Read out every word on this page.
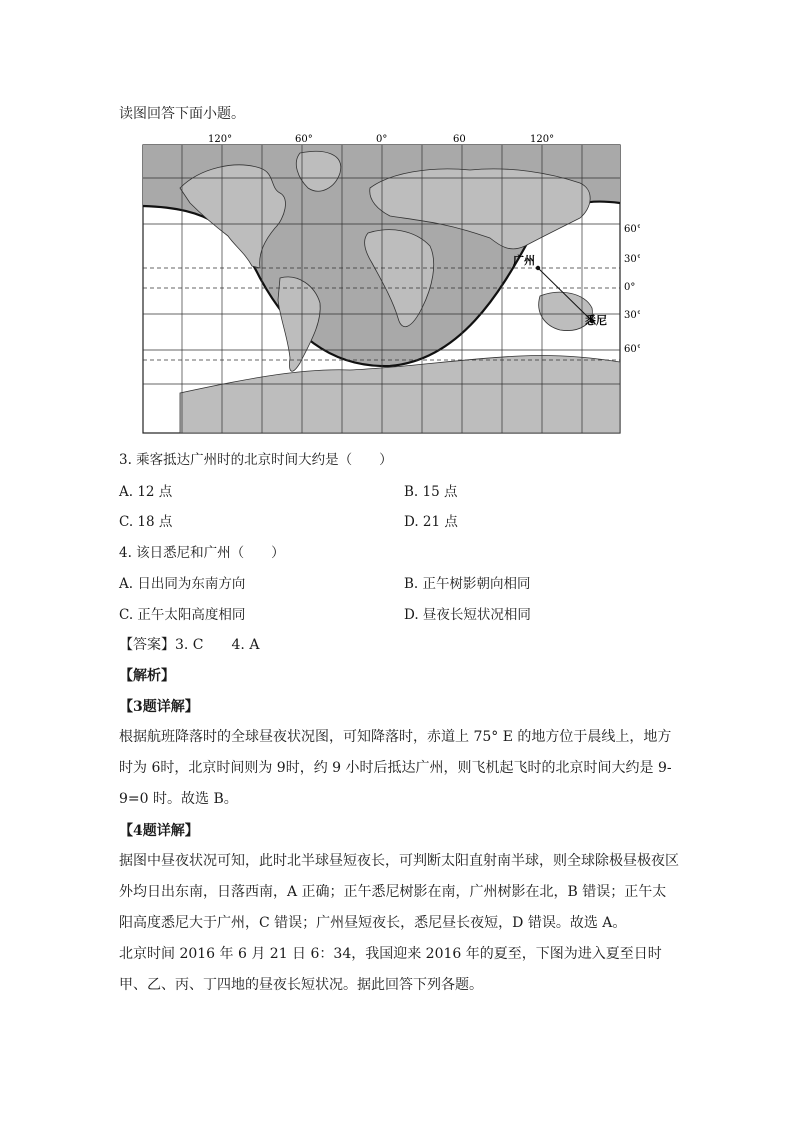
读图回答下面小题。
120°	60°	0°	60	120°
广州
悉尼
60°
30°
0°
30°
60°
3. 乘客抵达广州时的北京时间大约是（　　）
A. 12 点	B. 15 点
C. 18 点	D. 21 点
4. 该日悉尼和广州（　　）
A. 日出同为东南方向	B. 正午树影朝向相同
C. 正午太阳高度相同	D. 昼夜长短状况相同
【答案】3. C　　4. A
【解析】
【3题详解】
根据航班降落时的全球昼夜状况图，可知降落时，赤道上 75° E 的地方位于晨线上，地方时为 6时，北京时间则为 9时，约 9 小时后抵达广州，则飞机起飞时的北京时间大约是 9-9=0 时。故选 B。
【4题详解】
据图中昼夜状况可知，此时北半球昼短夜长，可判断太阳直射南半球，则全球除极昼极夜区外均日出东南，日落西南，A 正确；正午悉尼树影在南，广州树影在北，B 错误；正午太阳高度悉尼大于广州，C 错误；广州昼短夜长，悉尼昼长夜短，D 错误。故选 A。
北京时间 2016 年 6 月 21 日 6：34，我国迎来 2016 年的夏至，下图为进入夏至日时甲、乙、丙、丁四地的昼夜长短状况。据此回答下列各题。
